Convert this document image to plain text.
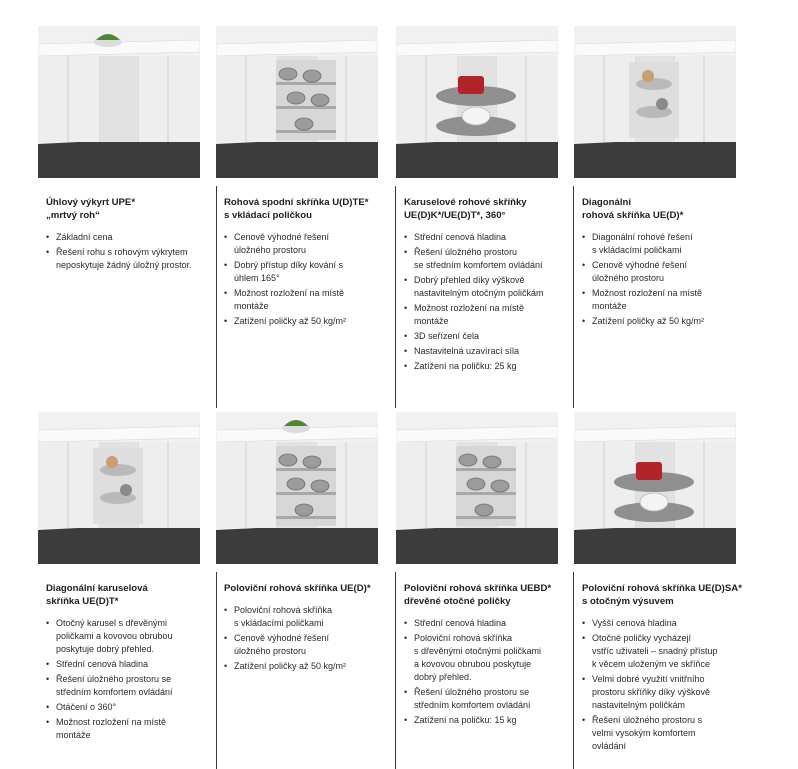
Úhlový výkyrt UPE*
„mrtvý roh“
• Základní cena
• Řešení rohu s rohovým výkrytem
neposkytuje žádný úložný prostor.
Rohová spodní skříňka U(D)TE*
s vkládací poličkou
• Cenově výhodné řešení
úložného prostoru
• Dobrý přístup díky kování s
úhlem 165°
• Možnost rozložení na místě
montáže
• Zatížení poličky až 50 kg/m²
Karuselové rohové skříňky
UE(D)K*/UE(D)T*, 360°
• Střední cenová hladina
• Řešení úložného prostoru
se středním komfortem ovládání
• Dobrý přehled díky výškově
nastavitelným otočným poličkám
• Možnost rozložení na místě
montáže
• 3D seřízení čela
• Nastavitelná uzavírací síla
• Zatížení na poličku: 25 kg
Diagonální
rohová skříňka UE(D)*
• Diagonální rohové řešení
s vkládacími poličkami
• Cenově výhodné řešení
úložného prostoru
• Možnost rozložení na místě
montáže
• Zatížení poličky až 50 kg/m²
Diagonální karuselová
skříňka UE(D)T*
• Otočný karusel s dřevěnými
poličkami a kovovou obrubou
poskytuje dobrý přehled.
• Střední cenová hladina
• Řešení úložného prostoru se
středním komfortem ovládání
• Otáčení o 360°
• Možnost rozložení na místě
montáže
Poloviční rohová skříňka UE(D)*
• Poloviční rohová skříňka
s vkládacími poličkami
• Cenově výhodné řešení
úložného prostoru
• Zatížení poličky až 50 kg/m²
Poloviční rohová skříňka UEBD*
dřevěné otočné poličky
• Střední cenová hladina
• Poloviční rohová skříňka
s dřevěnými otočnými poličkami
a kovovou obrubou poskytuje
dobrý přehled.
• Řešení úložného prostoru se
středním komfortem ovládání
• Zatížení na poličku: 15 kg
Poloviční rohová skříňka UE(D)SA*
s otočným výsuvem
• Vyšší cenová hladina
• Otočné poličky vycházejí
vstříc uživateli – snadný přístup
k věcem uloženým ve skříňce
• Velmi dobré využití vnitřního
prostoru skříňky díky výškově
nastavitelným poličkám
• Řešení úložného prostoru s
velmi vysokým komfortem
ovládání
